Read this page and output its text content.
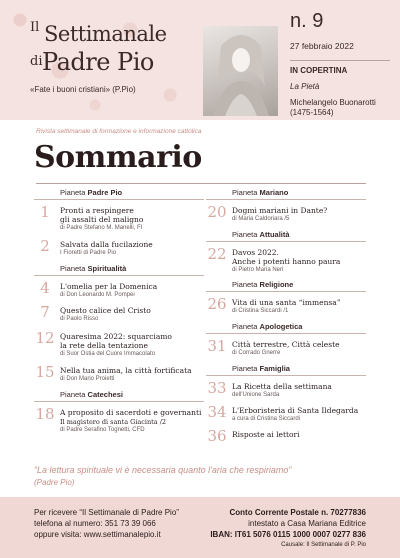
Il Settimanale
di Padre Pio
«Fate i buoni cristiani» (P.Pio)
n. 9
27 febbraio 2022
IN COPERTINA
La Pietà
Michelangelo Buonarotti
(1475-1564)
Rivista settimanale di formazione e informazione cattolica
Sommario
Pianeta Padre Pio
1	Pronti a respingere
gli assalti del maligno
di Padre Stefano M. Manelli, FI
2	Salvata dalla fucilazione
I Fioretti di Padre Pio
Pianeta Spiritualità
4	L'omelia per la Domenica
di Don Leonardo M. Pompei
7	Questo calice del Cristo
di Paolo Risso
12 Quaresima 2022: squarciamo
la rete della tentazione
di Suor Ostia del Cuore Immacolato
15 Nella tua anima, la città fortificata
di Don Mario Proietti
Pianeta Catechesi
18 A proposito di sacerdoti e governanti
Il magistero di santa Giacinta /2
di Padre Serafino Tognetti, CFD
Pianeta Mariano
20 Dogmi mariani in Dante?
di Maria Caldoriara /5
Pianeta Attualità
22 Davos 2022.
Anche i potenti hanno paura
di Pietro Maria Neri
Pianeta Religione
26 Vita di una santa “immensa”
di Cristina Siccardi /1
Pianeta Apologetica
31 Città terrestre, Città celeste
di Corrado Gnerre
Pianeta Famiglia
33 La Ricetta della settimana
dell'Unione Sarda
34 L'Erboristeria di Santa Ildegarda
a cura di Cristina Siccardi
36 Risposte ai lettori
“La lettura spirituale vi è necessaria quanto l'aria che respiriamo”
(Padre Pio)
Per ricevere “Il Settimanale di Padre Pio”
telefona al numero: 351 73 39 066
oppure visita: www.settimanalepio.it
Conto Corrente Postale n. 70277836
intestato a Casa Mariana Editrice
IBAN: IT61 5076 0115 1000 0007 0277 836
Causale: Il Settimanale di P. Pio
